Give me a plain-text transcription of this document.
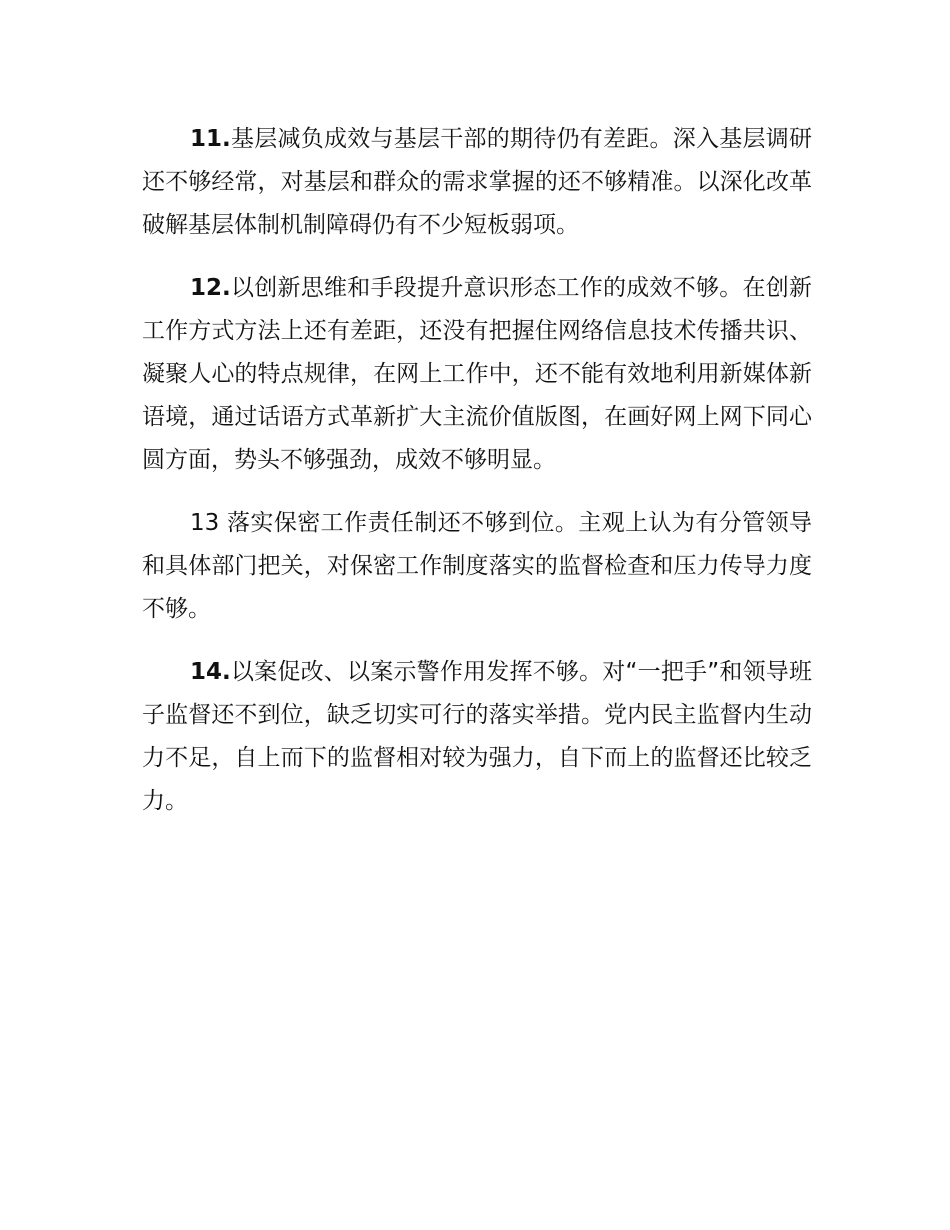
11.基层减负成效与基层干部的期待仍有差距。深入基层调研还不够经常，对基层和群众的需求掌握的还不够精准。以深化改革破解基层体制机制障碍仍有不少短板弱项。

12.以创新思维和手段提升意识形态工作的成效不够。在创新工作方式方法上还有差距，还没有把握住网络信息技术传播共识、凝聚人心的特点规律，在网上工作中，还不能有效地利用新媒体新语境，通过话语方式革新扩大主流价值版图，在画好网上网下同心圆方面，势头不够强劲，成效不够明显。

13 落实保密工作责任制还不够到位。主观上认为有分管领导和具体部门把关，对保密工作制度落实的监督检查和压力传导力度不够。

14.以案促改、以案示警作用发挥不够。对“一把手”和领导班子监督还不到位，缺乏切实可行的落实举措。党内民主监督内生动力不足，自上而下的监督相对较为强力，自下而上的监督还比较乏力。
